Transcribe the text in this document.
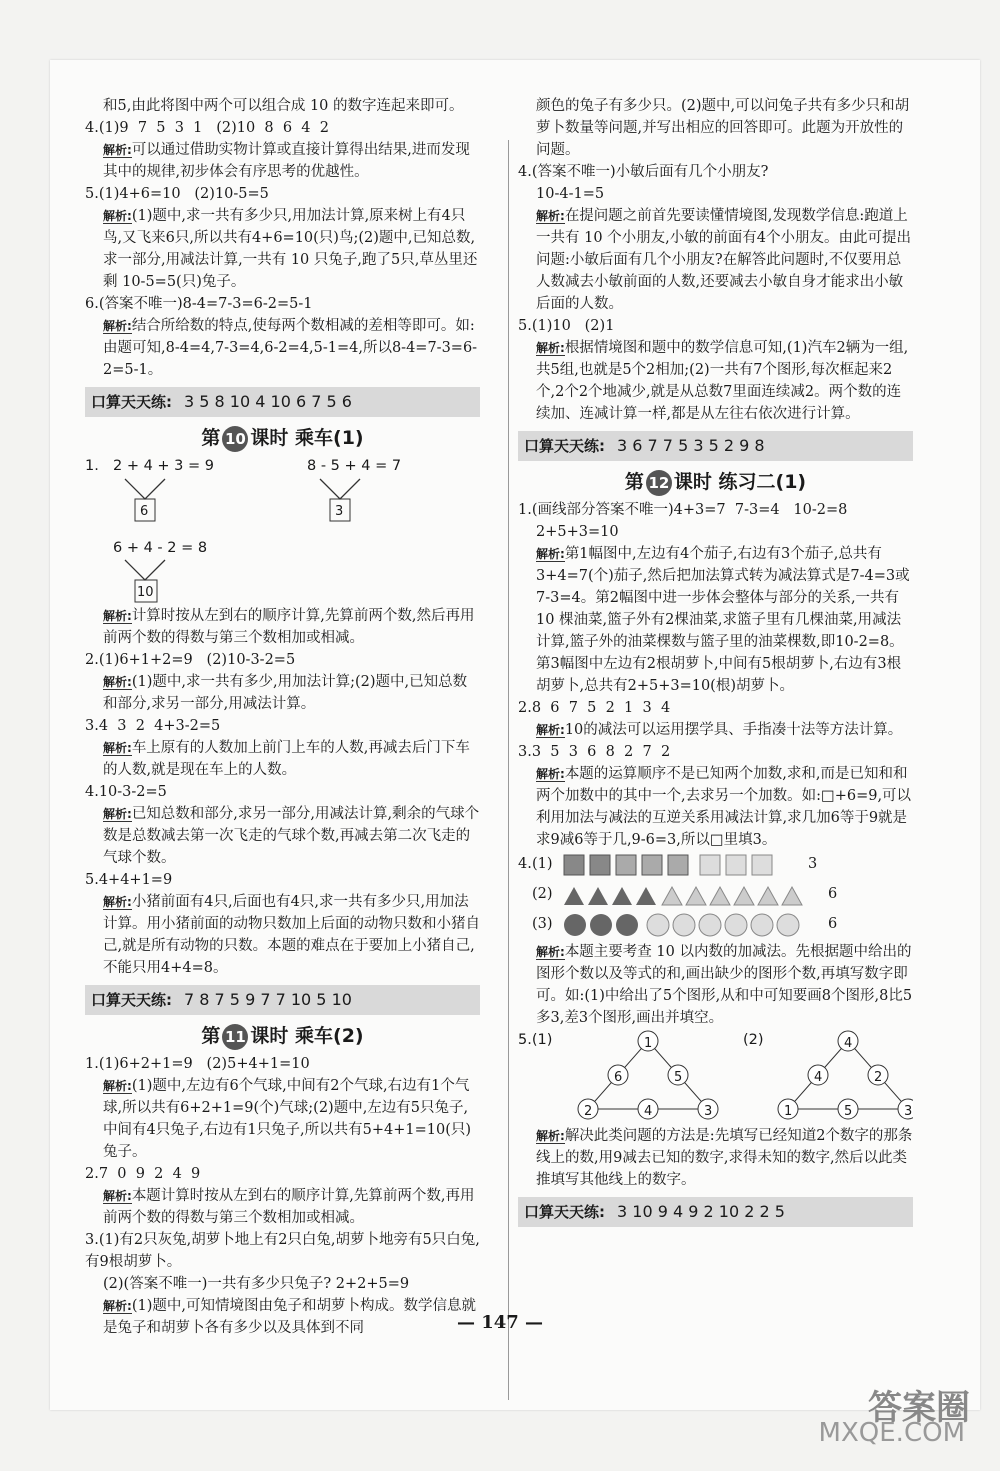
和5,由此将图中两个可以组合成 10 的数字连起来即可。

4.(1)9  7  5  3  1   (2)10  8  6  4  2

解析:可以通过借助实物计算或直接计算得出结果,进而发现其中的规律,初步体会有序思考的优越性。

5.(1)4+6=10   (2)10-5=5

解析:(1)题中,求一共有多少只,用加法计算,原来树上有4只鸟,又飞来6只,所以共有4+6=10(只)鸟;(2)题中,已知总数,求一部分,用减法计算,一共有 10 只兔子,跑了5只,草丛里还剩 10-5=5(只)兔子。

6.(答案不唯一)8-4=7-3=6-2=5-1

解析:结合所给数的特点,使每两个数相减的差相等即可。如:由题可知,8-4=4,7-3=4,6-2=4,5-1=4,所以8-4=7-3=6-2=5-1。

口算天天练: 3 5 8 10 4 10 6 7 5 6
第 10 课时 乘车(1)
1. 2 + 4 + 3 = 9	8 - 5 + 4 = 7
6	3
6 + 4 - 2 = 8
10

解析:计算时按从左到右的顺序计算,先算前两个数,然后再用前两个数的得数与第三个数相加或相减。

2.(1)6+1+2=9   (2)10-3-2=5

解析:(1)题中,求一共有多少,用加法计算;(2)题中,已知总数和部分,求另一部分,用减法计算。

3.4  3  2  4+3-2=5

解析:车上原有的人数加上前门上车的人数,再减去后门下车的人数,就是现在车上的人数。

4.10-3-2=5

解析:已知总数和部分,求另一部分,用减法计算,剩余的气球个数是总数减去第一次飞走的气球个数,再减去第二次飞走的气球个数。

5.4+4+1=9

解析:小猪前面有4只,后面也有4只,求一共有多少只,用加法计算。用小猪前面的动物只数加上后面的动物只数和小猪自己,就是所有动物的只数。本题的难点在于要加上小猪自己,不能只用4+4=8。

口算天天练: 7 8 7 5 9 7 7 10 5 10
第 11 课时 乘车(2)

1.(1)6+2+1=9   (2)5+4+1=10

解析:(1)题中,左边有6个气球,中间有2个气球,右边有1个气球,所以共有6+2+1=9(个)气球;(2)题中,左边有5只兔子,中间有4只兔子,右边有1只兔子,所以共有5+4+1=10(只)兔子。

2.7  0  9  2  4  9

解析:本题计算时按从左到右的顺序计算,先算前两个数,再用前两个数的得数与第三个数相加或相减。

3.(1)有2只灰兔,胡萝卜地上有2只白兔,胡萝卜地旁有5只白兔,有9根胡萝卜。

(2)(答案不唯一)一共有多少只兔子? 2+2+5=9

解析:(1)题中,可知情境图由兔子和胡萝卜构成。数学信息就是兔子和胡萝卜各有多少以及具体到不同

颜色的兔子有多少只。(2)题中,可以问兔子共有多少只和胡萝卜数量等问题,并写出相应的回答即可。此题为开放性的问题。

4.(答案不唯一)小敏后面有几个小朋友?

10-4-1=5

解析:在提问题之前首先要读懂情境图,发现数学信息:跑道上一共有 10 个小朋友,小敏的前面有4个小朋友。由此可提出问题:小敏后面有几个小朋友?在解答此问题时,不仅要用总人数减去小敏前面的人数,还要减去小敏自身才能求出小敏后面的人数。

5.(1)10   (2)1

解析:根据情境图和题中的数学信息可知,(1)汽车2辆为一组,共5组,也就是5个2相加;(2)一共有7个图形,每次框起来2个,2个2个地减少,就是从总数7里面连续减2。两个数的连续加、连减计算一样,都是从左往右依次进行计算。

口算天天练: 3 6 7 7 5 3 5 2 9 8
第 12 课时 练习二(1)

1.(画线部分答案不唯一)4+3=7  7-3=4   10-2=8

2+5+3=10

解析:第1幅图中,左边有4个茄子,右边有3个茄子,总共有3+4=7(个)茄子,然后把加法算式转为减法算式是7-4=3或7-3=4。第2幅图中进一步体会整体与部分的关系,一共有 10 棵油菜,篮子外有2棵油菜,求篮子里有几棵油菜,用减法计算,篮子外的油菜棵数与篮子里的油菜棵数,即10-2=8。第3幅图中左边有2根胡萝卜,中间有5根胡萝卜,右边有3根胡萝卜,总共有2+5+3=10(根)胡萝卜。

2.8  6  7  5  2  1  3  4

解析:10的减法可以运用摆学具、手指凑十法等方法计算。

3.3  5  3  6  8  2  7  2

解析:本题的运算顺序不是已知两个加数,求和,而是已知和和两个加数中的其中一个,去求另一个加数。如:□+6=9,可以利用加法与减法的互逆关系用减法计算,求几加6等于9就是求9减6等于几,9-6=3,所以□里填3。

4. (1)
(2)
(3)
3
6
6

解析:本题主要考查 10 以内数的加减法。先根据题中给出的图形个数以及等式的和,画出缺少的图形个数,再填写数字即可。如:(1)中给出了5个图形,从和中可知要画8个图形,8比5多3,差3个图形,画出并填空。

5.(1)	(2)
1
6	5
2	4	3
4
4	2
1	5	3

解析:解决此类问题的方法是:先填写已经知道2个数字的那条线上的数,用9减去已知的数字,求得未知的数字,然后以此类推填写其他线上的数字。

口算天天练: 3 10 9 4 9 2 10 2 2 5
— 147 —
答案圈
MXQE.COM
